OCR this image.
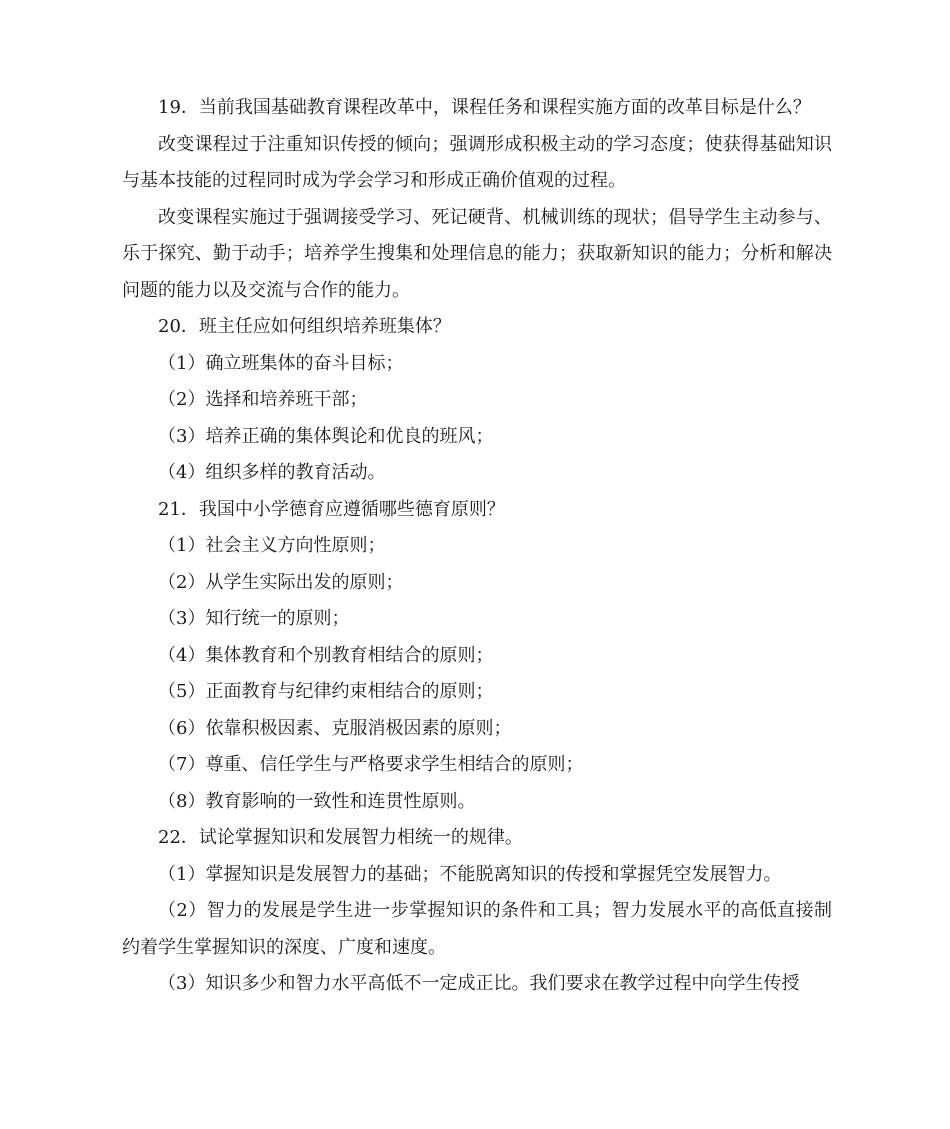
19．当前我国基础教育课程改革中，课程任务和课程实施方面的改革目标是什么？

改变课程过于注重知识传授的倾向；强调形成积极主动的学习态度；使获得基础知识与基本技能的过程同时成为学会学习和形成正确价值观的过程。

改变课程实施过于强调接受学习、死记硬背、机械训练的现状；倡导学生主动参与、乐于探究、勤于动手；培养学生搜集和处理信息的能力；获取新知识的能力；分析和解决问题的能力以及交流与合作的能力。

20．班主任应如何组织培养班集体？

（1）确立班集体的奋斗目标；

（2）选择和培养班干部；

（3）培养正确的集体舆论和优良的班风；

（4）组织多样的教育活动。

21．我国中小学德育应遵循哪些德育原则？

（1）社会主义方向性原则；

（2）从学生实际出发的原则；

（3）知行统一的原则；

（4）集体教育和个别教育相结合的原则；

（5）正面教育与纪律约束相结合的原则；

（6）依靠积极因素、克服消极因素的原则；

（7）尊重、信任学生与严格要求学生相结合的原则；

（8）教育影响的一致性和连贯性原则。

22．试论掌握知识和发展智力相统一的规律。

（1）掌握知识是发展智力的基础；不能脱离知识的传授和掌握凭空发展智力。

（2）智力的发展是学生进一步掌握知识的条件和工具；智力发展水平的高低直接制约着学生掌握知识的深度、广度和速度。

（3）知识多少和智力水平高低不一定成正比。我们要求在教学过程中向学生传授
